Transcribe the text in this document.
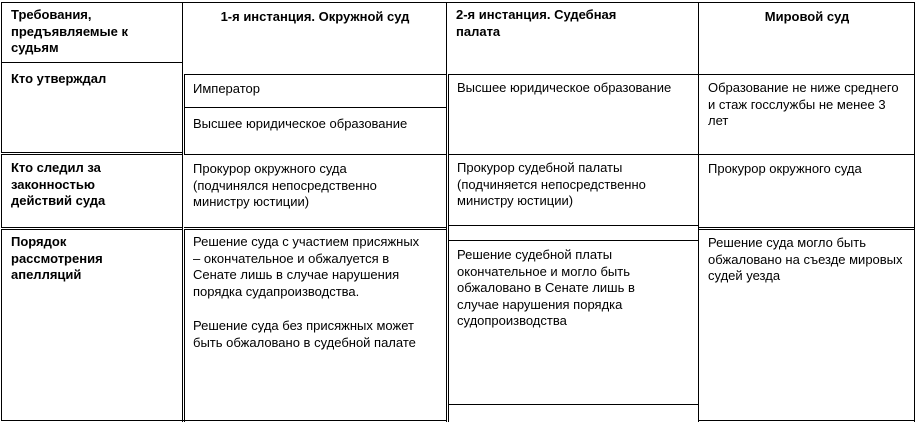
Требования, предъявляемые к судьям
1-я инстанция. Окружной суд	2-я инстанция. Судебная палата
Мировой суд
Кто утверждал
Император
Высшее юридическое образование
Высшее юридическое образование	Образование не ниже среднего и стаж госслужбы не менее 3 лет
Кто следил за законностью действий суда
Прокурор окружного суда (подчинялся непосредственно министру юстиции)
Прокурор судебной палаты (подчиняется непосредственно министру юстиции)
Прокурор окружного суда
Порядок рассмотрения апелляций
Решение суда с участием присяжных – окончательное и обжалуется в Сенате лишь в случае нарушения порядка судапроизводства.
Решение суда без присяжных может быть обжаловано в судебной палате
Решение судебной платы окончательное и могло быть обжаловано в Сенате лишь в случае нарушения порядка судопроизводства
Решение суда могло быть обжаловано на съезде мировых судей уезда
